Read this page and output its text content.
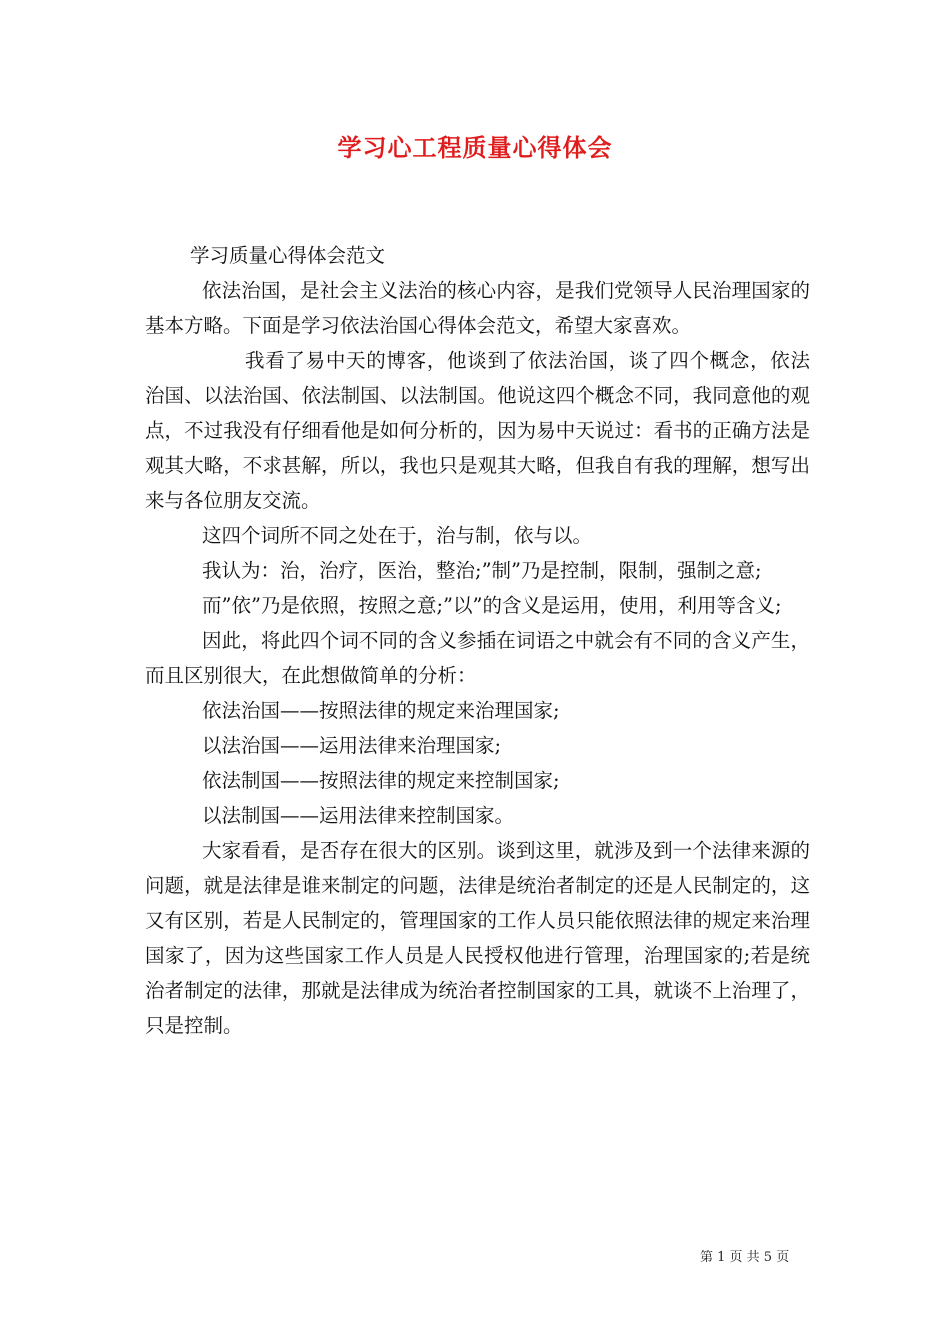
学习心工程质量心得体会

学习质量心得体会范文

依法治国，是社会主义法治的核心内容，是我们党领导人民治理国家的基本方略。下面是学习依法治国心得体会范文，希望大家喜欢。

我看了易中天的博客，他谈到了依法治国，谈了四个概念，依法治国、以法治国、依法制国、以法制国。他说这四个概念不同，我同意他的观点，不过我没有仔细看他是如何分析的，因为易中天说过：看书的正确方法是观其大略，不求甚解，所以，我也只是观其大略，但我自有我的理解，想写出来与各位朋友交流。

这四个词所不同之处在于，治与制，依与以。

我认为：治，治疗，医治，整治;”制”乃是控制，限制，强制之意;

而”依”乃是依照，按照之意;”以”的含义是运用，使用，利用等含义;

因此，将此四个词不同的含义参插在词语之中就会有不同的含义产生，而且区别很大，在此想做简单的分析：

依法治国——按照法律的规定来治理国家;

以法治国——运用法律来治理国家;

依法制国——按照法律的规定来控制国家;

以法制国——运用法律来控制国家。

大家看看，是否存在很大的区别。谈到这里，就涉及到一个法律来源的问题，就是法律是谁来制定的问题，法律是统治者制定的还是人民制定的，这又有区别，若是人民制定的，管理国家的工作人员只能依照法律的规定来治理国家了，因为这些国家工作人员是人民授权他进行管理，治理国家的;若是统治者制定的法律，那就是法律成为统治者控制国家的工具，就谈不上治理了，只是控制。

第 1 页 共 5 页
